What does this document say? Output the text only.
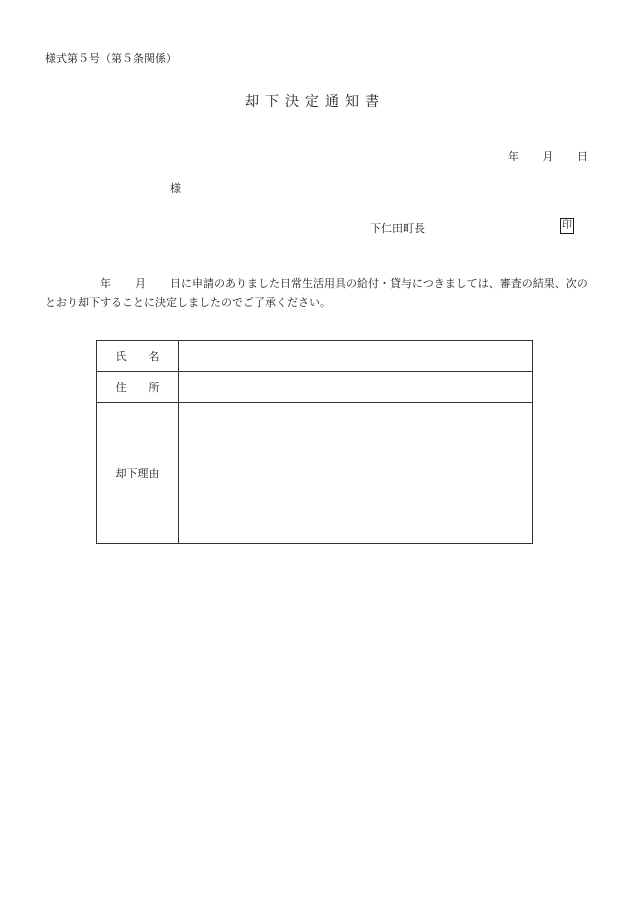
様式第５号（第５条関係）
却下決定通知書
年 月 日
様
下仁田町長	印
年 月 日に申請のありました日常生活用具の給付・貸与につきましては、審査の結果、次のとおり却下することに決定しましたのでご了承ください。
氏名	
住所	
却下理由	
